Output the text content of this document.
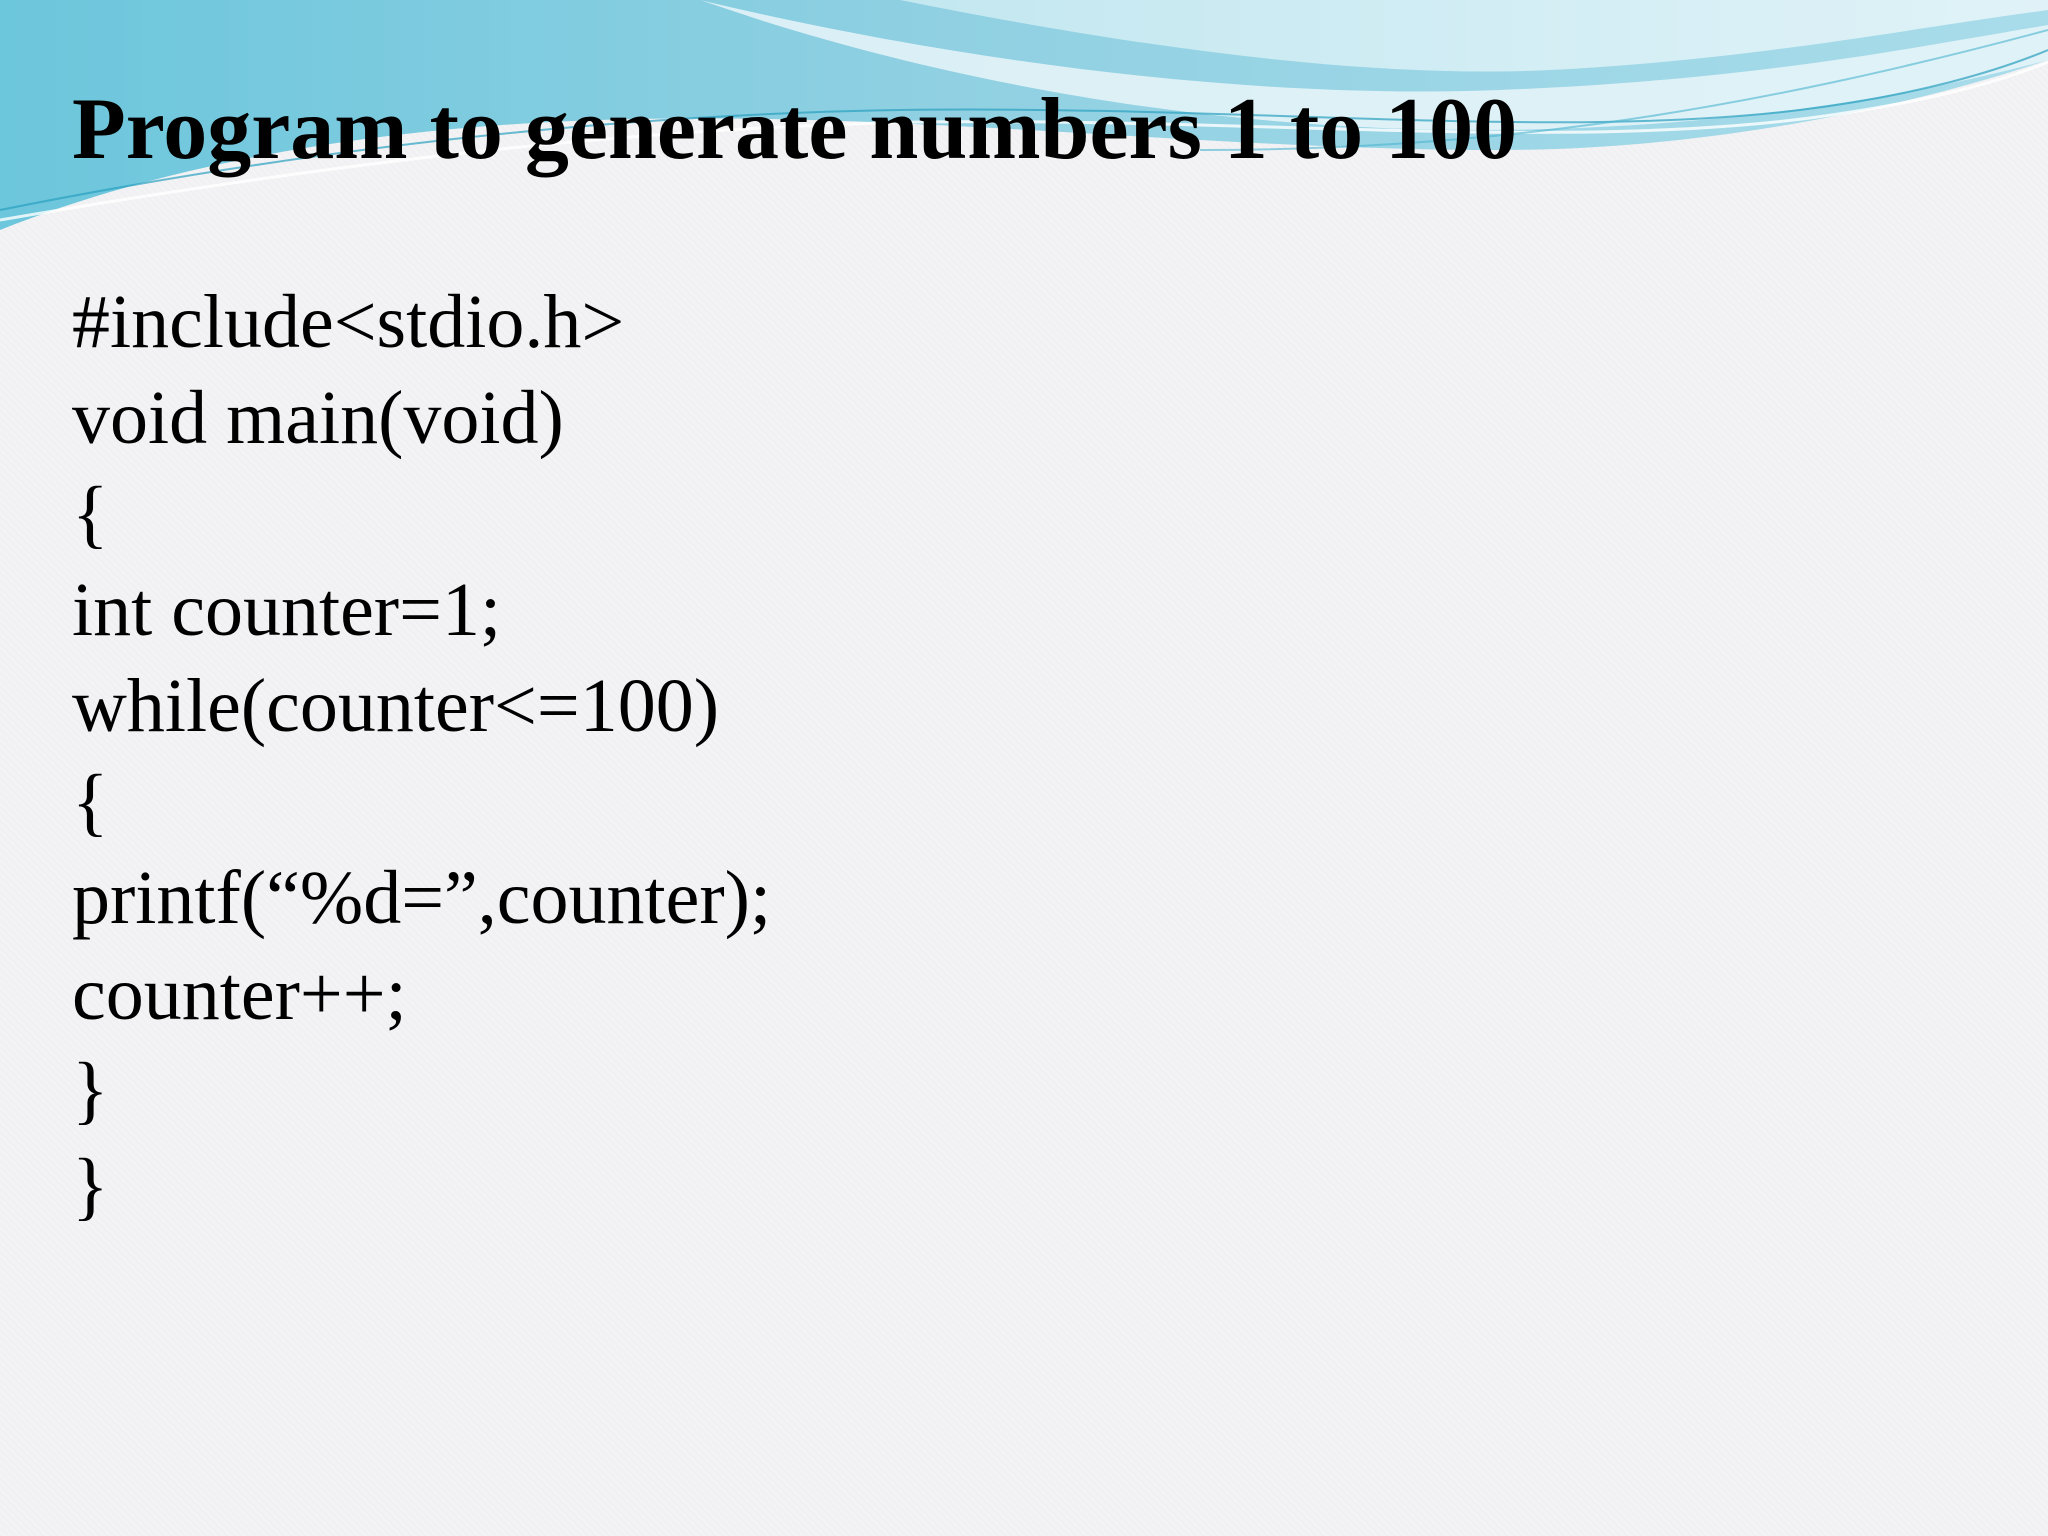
Program to generate numbers 1 to 100
#include<stdio.h>
void main(void)
{
int counter=1;
while(counter<=100)
{
printf(“%d=”,counter);
counter++;
}
}
